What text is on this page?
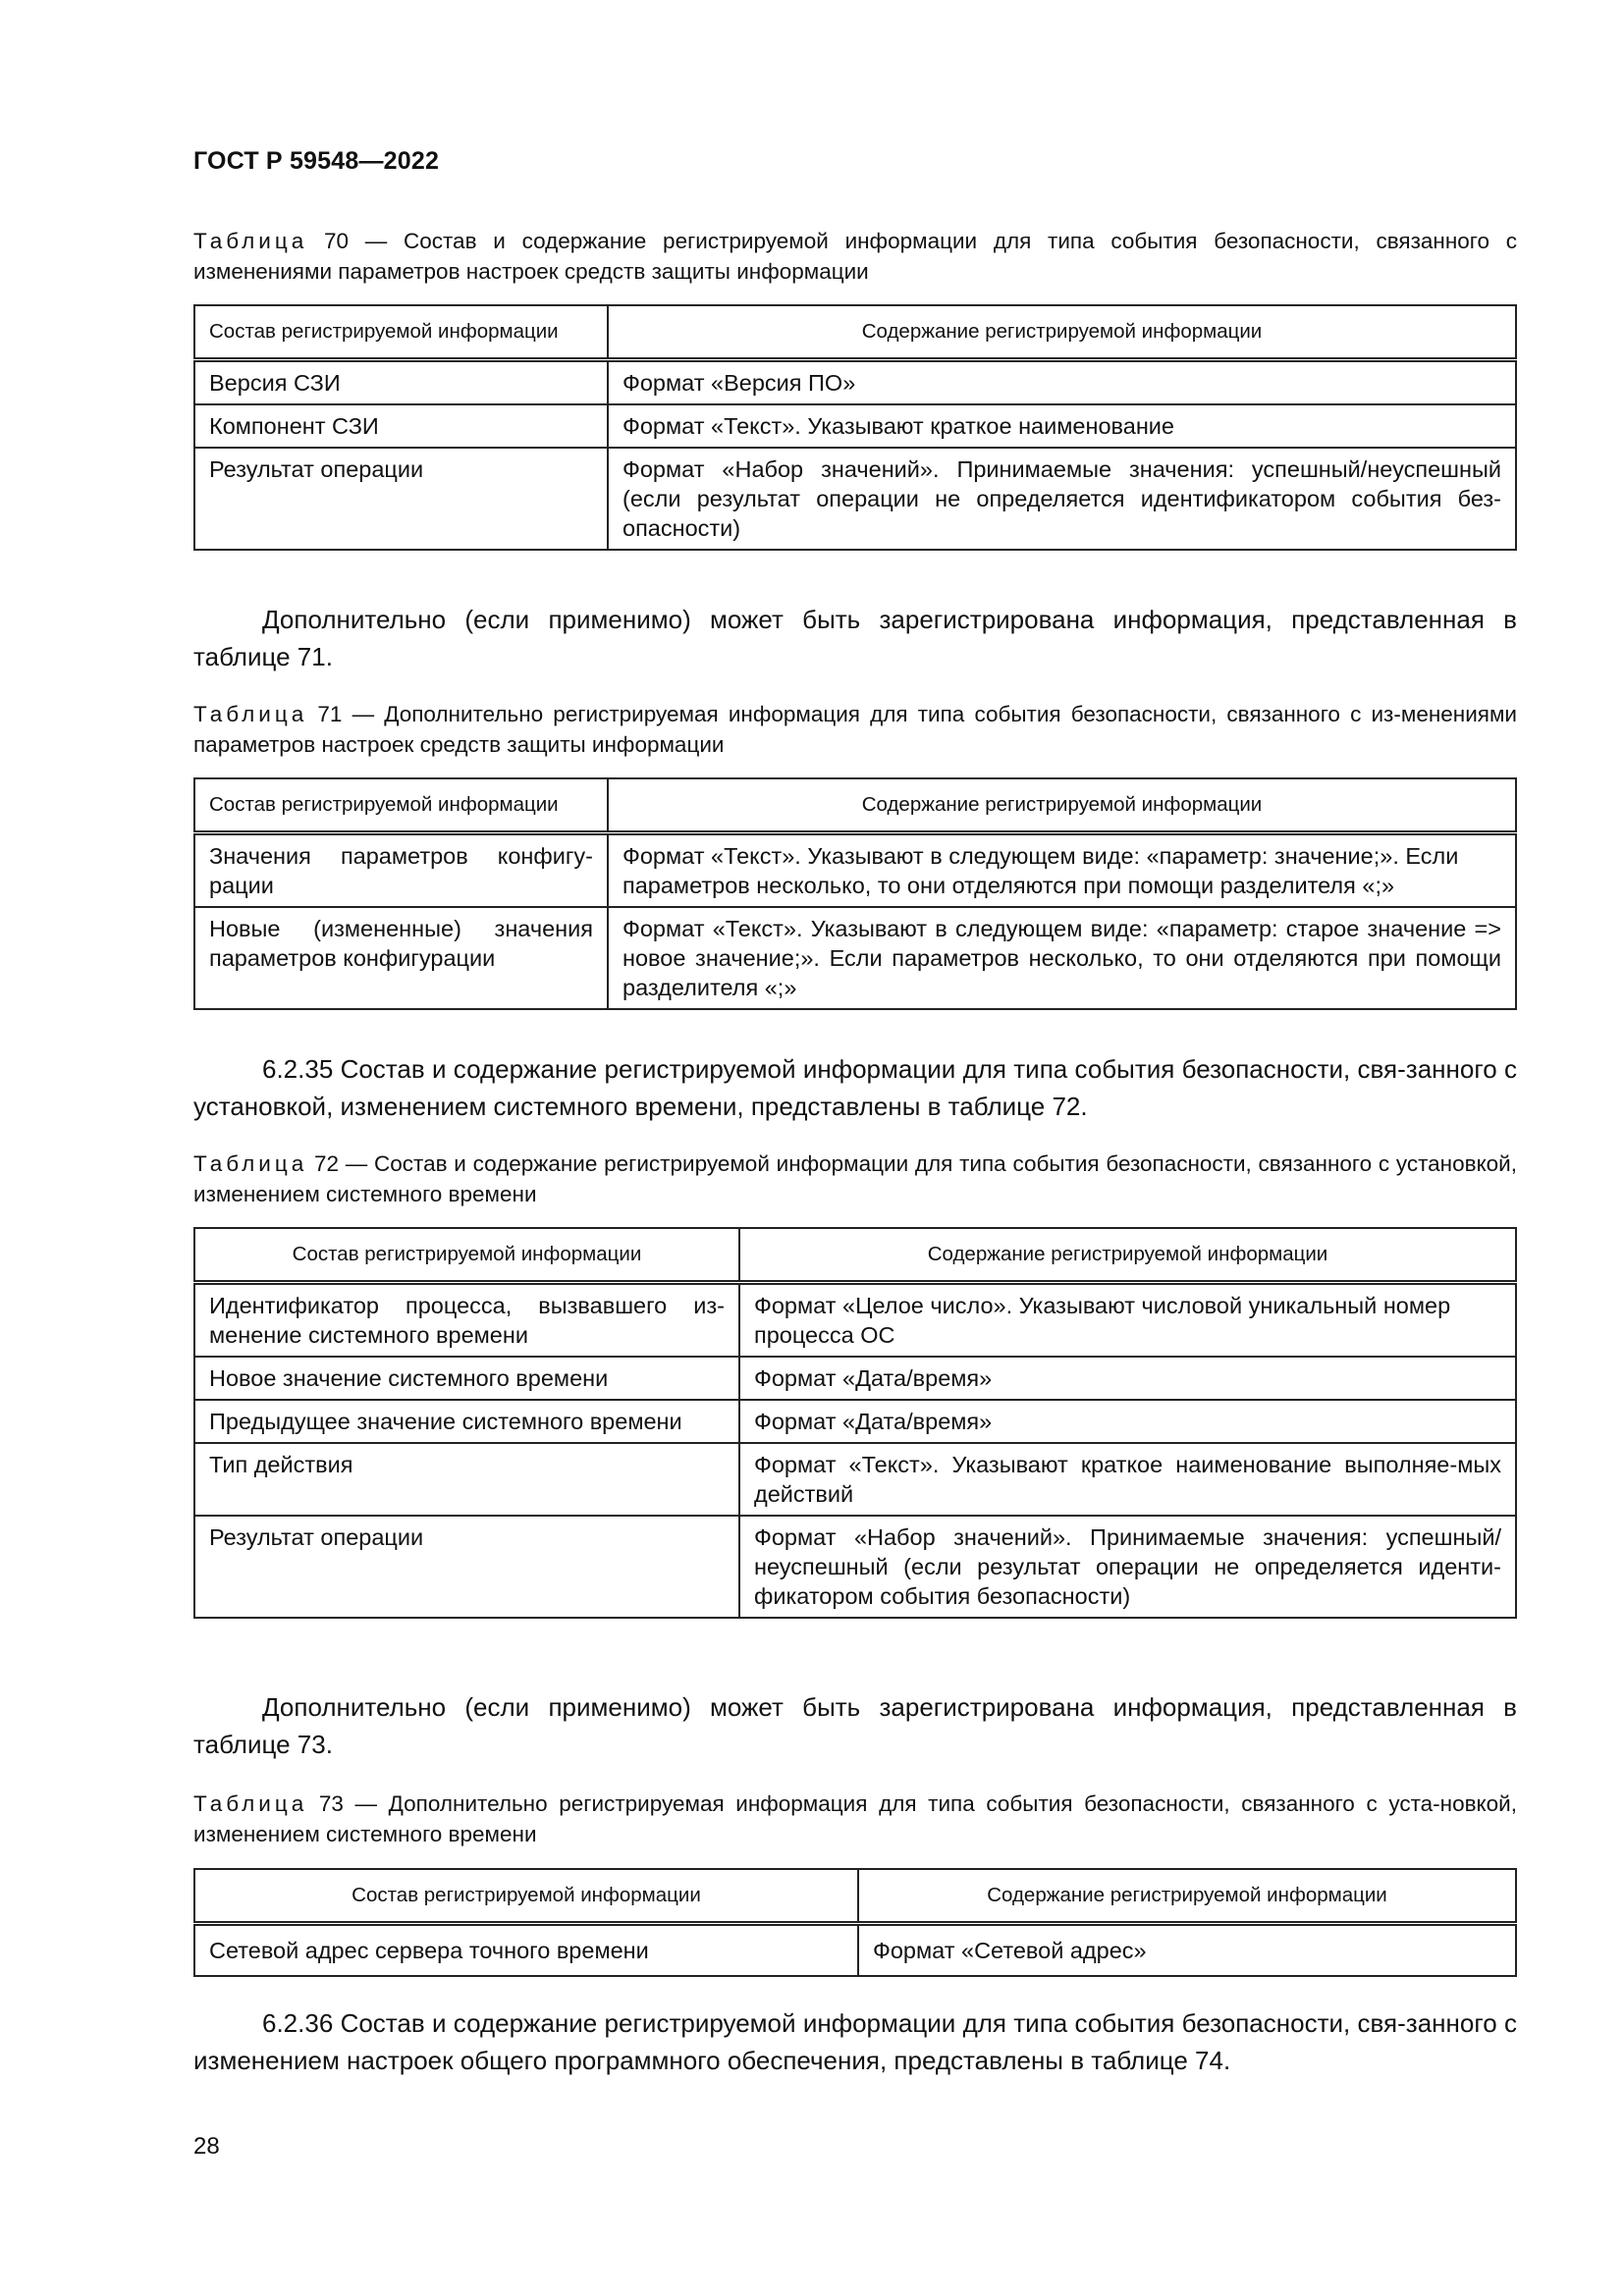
ГОСТ Р 59548—2022
Таблица 70 — Состав и содержание регистрируемой информации для типа события безопасности, связанного с изменениями параметров настроек средств защиты информации
Состав регистрируемой информации	Содержание регистрируемой информации
Версия СЗИ	Формат «Версия ПО»
Компонент СЗИ	Формат «Текст». Указывают краткое наименование
Результат операции	Формат «Набор значений». Принимаемые значения: успешный/неуспешный (если результат операции не определяется идентификатором события без-опасности)
Дополнительно (если применимо) может быть зарегистрирована информация, представленная в таблице 71.
Таблица 71 — Дополнительно регистрируемая информация для типа события безопасности, связанного с из-менениями параметров настроек средств защиты информации
Состав регистрируемой информации	Содержание регистрируемой информации
Значения параметров конфигу-рации	Формат «Текст». Указывают в следующем виде: «параметр: значение;». Если параметров несколько, то они отделяются при помощи разделителя «;»
Новые (измененные) значения параметров конфигурации	Формат «Текст». Указывают в следующем виде: «параметр: старое значение => новое значение;». Если параметров несколько, то они отделяются при помощи разделителя «;»
6.2.35 Состав и содержание регистрируемой информации для типа события безопасности, свя-занного с установкой, изменением системного времени, представлены в таблице 72.
Таблица 72 — Состав и содержание регистрируемой информации для типа события безопасности, связанного с установкой, изменением системного времени
Состав регистрируемой информации	Содержание регистрируемой информации
Идентификатор процесса, вызвавшего из-менение системного времени	Формат «Целое число». Указывают числовой уникальный номер процесса ОС
Новое значение системного времени	Формат «Дата/время»
Предыдущее значение системного времени	Формат «Дата/время»
Тип действия	Формат «Текст». Указывают краткое наименование выполняе-мых действий
Результат операции	Формат «Набор значений». Принимаемые значения: успешный/ неуспешный (если результат операции не определяется иденти-фикатором события безопасности)
Дополнительно (если применимо) может быть зарегистрирована информация, представленная в таблице 73.
Таблица 73 — Дополнительно регистрируемая информация для типа события безопасности, связанного с уста-новкой, изменением системного времени
Состав регистрируемой информации	Содержание регистрируемой информации
Сетевой адрес сервера точного времени	Формат «Сетевой адрес»
6.2.36 Состав и содержание регистрируемой информации для типа события безопасности, свя-занного с изменением настроек общего программного обеспечения, представлены в таблице 74.
28
